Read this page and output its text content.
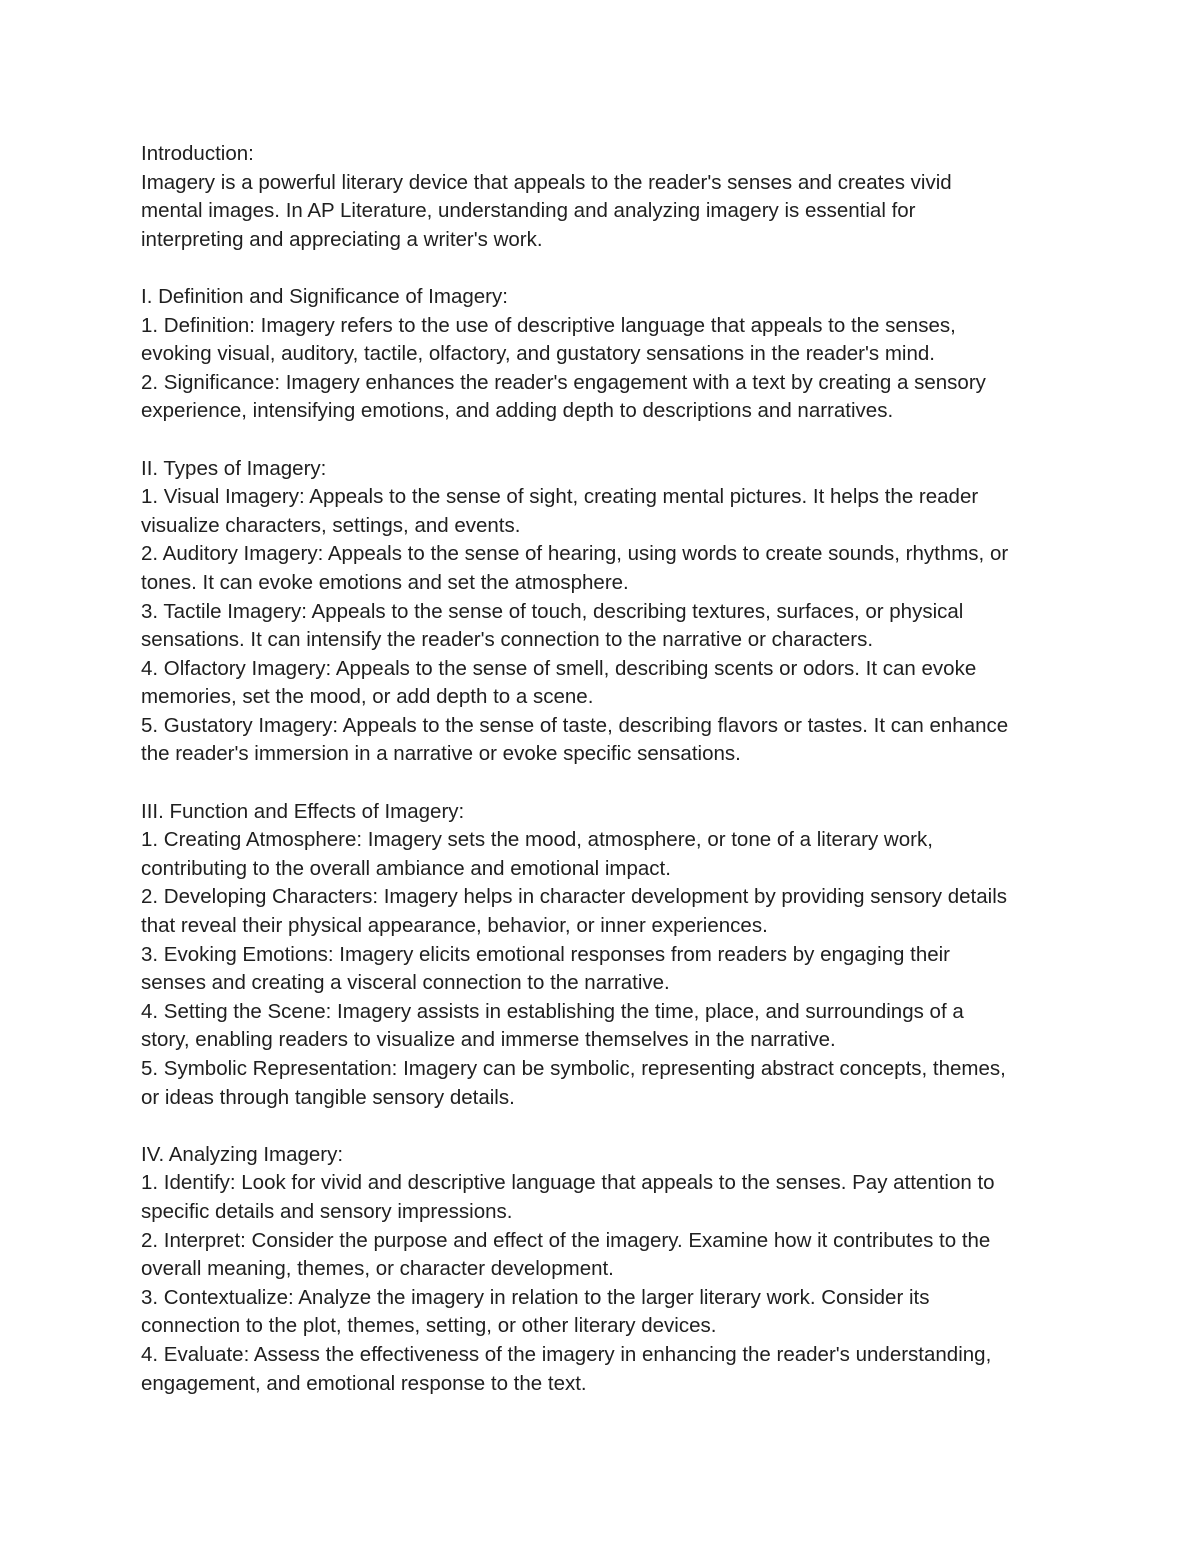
Introduction:
Imagery is a powerful literary device that appeals to the reader's senses and creates vivid
mental images. In AP Literature, understanding and analyzing imagery is essential for
interpreting and appreciating a writer's work.
I. Definition and Significance of Imagery:
1. Definition: Imagery refers to the use of descriptive language that appeals to the senses,
evoking visual, auditory, tactile, olfactory, and gustatory sensations in the reader's mind.
2. Significance: Imagery enhances the reader's engagement with a text by creating a sensory
experience, intensifying emotions, and adding depth to descriptions and narratives.
II. Types of Imagery:
1. Visual Imagery: Appeals to the sense of sight, creating mental pictures. It helps the reader
visualize characters, settings, and events.
2. Auditory Imagery: Appeals to the sense of hearing, using words to create sounds, rhythms, or
tones. It can evoke emotions and set the atmosphere.
3. Tactile Imagery: Appeals to the sense of touch, describing textures, surfaces, or physical
sensations. It can intensify the reader's connection to the narrative or characters.
4. Olfactory Imagery: Appeals to the sense of smell, describing scents or odors. It can evoke
memories, set the mood, or add depth to a scene.
5. Gustatory Imagery: Appeals to the sense of taste, describing flavors or tastes. It can enhance
the reader's immersion in a narrative or evoke specific sensations.
III. Function and Effects of Imagery:
1. Creating Atmosphere: Imagery sets the mood, atmosphere, or tone of a literary work,
contributing to the overall ambiance and emotional impact.
2. Developing Characters: Imagery helps in character development by providing sensory details
that reveal their physical appearance, behavior, or inner experiences.
3. Evoking Emotions: Imagery elicits emotional responses from readers by engaging their
senses and creating a visceral connection to the narrative.
4. Setting the Scene: Imagery assists in establishing the time, place, and surroundings of a
story, enabling readers to visualize and immerse themselves in the narrative.
5. Symbolic Representation: Imagery can be symbolic, representing abstract concepts, themes,
or ideas through tangible sensory details.
IV. Analyzing Imagery:
1. Identify: Look for vivid and descriptive language that appeals to the senses. Pay attention to
specific details and sensory impressions.
2. Interpret: Consider the purpose and effect of the imagery. Examine how it contributes to the
overall meaning, themes, or character development.
3. Contextualize: Analyze the imagery in relation to the larger literary work. Consider its
connection to the plot, themes, setting, or other literary devices.
4. Evaluate: Assess the effectiveness of the imagery in enhancing the reader's understanding,
engagement, and emotional response to the text.
